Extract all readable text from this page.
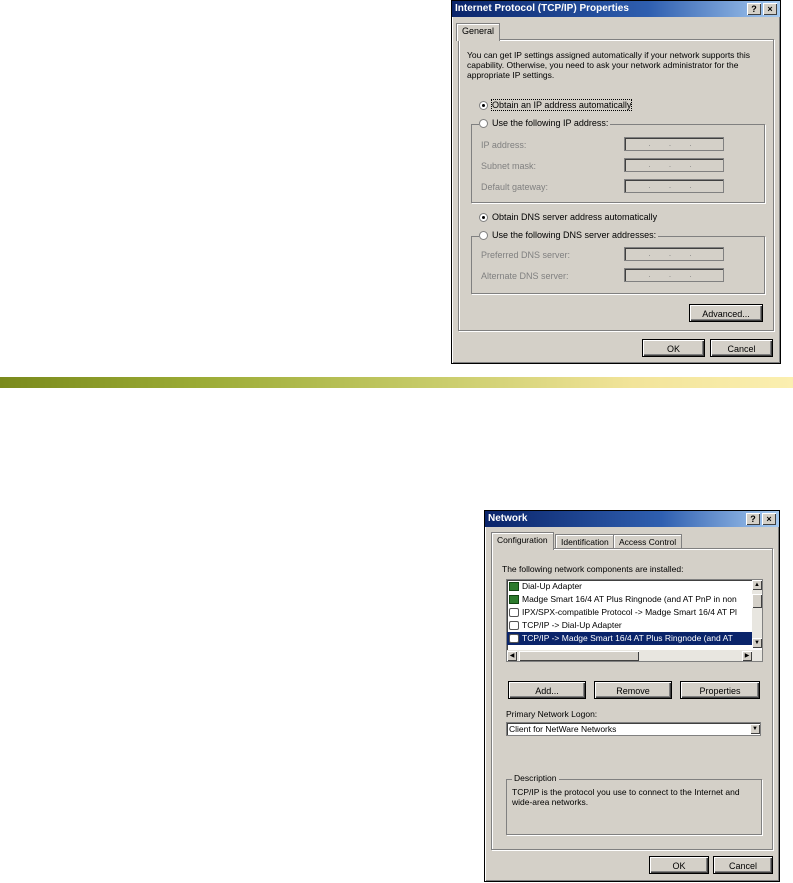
Internet Protocol (TCP/IP) Properties	?	×
General
You can get IP settings assigned automatically if your network supports this capability. Otherwise, you need to ask your network administrator for the appropriate IP settings.
Obtain an IP address automatically
Use the following IP address:
IP address:	. . .
Subnet mask:	. . .
Default gateway:	. . .
Obtain DNS server address automatically
Use the following DNS server addresses:
Preferred DNS server:	. . .
Alternate DNS server:	. . .
Advanced...
OK	Cancel
Network	?	×
Configuration	Identification	Access Control
The following network components are installed:
Dial-Up Adapter
Madge Smart 16/4 AT Plus Ringnode (and AT PnP in non
IPX/SPX-compatible Protocol -> Madge Smart 16/4 AT Pl
TCP/IP -> Dial-Up Adapter
TCP/IP -> Madge Smart 16/4 AT Plus Ringnode (and AT
▲
▼
◀	▶
Add...	Remove	Properties
Primary Network Logon:
Client for NetWare Networks	▼
Description
TCP/IP is the protocol you use to connect to the Internet and wide-area networks.
OK	Cancel
